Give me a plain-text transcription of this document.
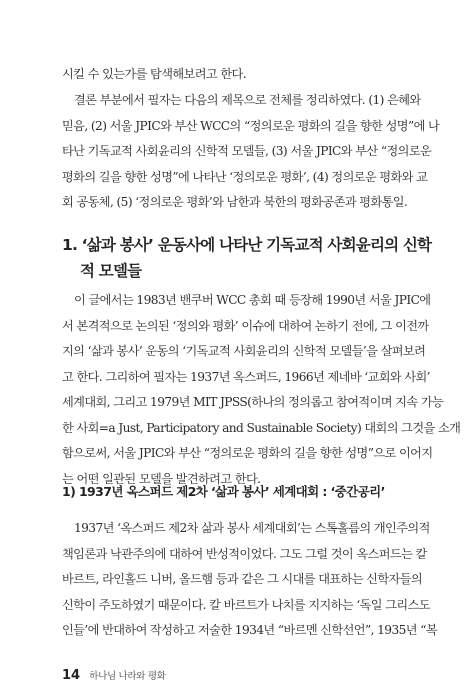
시킬 수 있는가를 탐색해보려고 한다.
결론 부분에서 필자는 다음의 제목으로 전체를 정리하였다. (1) 은혜와
믿음, (2) 서울 JPIC와 부산 WCC의 “정의로운 평화의 길을 향한 성명”에 나
타난 기독교적 사회윤리의 신학적 모델들, (3) 서울 JPIC와 부산 “정의로운
평화의 길을 향한 성명”에 나타난 ‘정의로운 평화’, (4) 정의로운 평화와 교
회 공동체, (5) ‘정의로운 평화’와 남한과 북한의 평화공존과 평화통일.
1. ‘삶과 봉사’ 운동사에 나타난 기독교적 사회윤리의 신학
적 모델들
이 글에서는 1983년 밴쿠버 WCC 총회 때 등장해 1990년 서울 JPIC에
서 본격적으로 논의된 ‘정의와 평화’ 이슈에 대하여 논하기 전에, 그 이전까
지의 ‘삶과 봉사’ 운동의 ‘기독교적 사회윤리의 신학적 모델들’을 살펴보려
고 한다. 그리하여 필자는 1937년 옥스퍼드, 1966년 제네바 ‘교회와 사회’
세계대회, 그리고 1979년 MIT JPSS(하나의 정의롭고 참여적이며 지속 가능
한 사회=a Just, Participatory and Sustainable Society) 대회의 그것을 소개
함으로써, 서울 JPIC와 부산 “정의로운 평화의 길을 향한 성명”으로 이어지
는 어떤 일관된 모델을 발견하려고 한다.
1) 1937년 옥스퍼드 제2차 ‘삶과 봉사’ 세계대회 : ‘중간공리’
1937년 ‘옥스퍼드 제2차 삶과 봉사 세계대회’는 스톡홀름의 개인주의적
책임론과 낙관주의에 대하여 반성적이었다. 그도 그럴 것이 옥스퍼드는 칼
바르트, 라인홀드 니버, 올드햄 등과 같은 그 시대를 대표하는 신학자들의
신학이 주도하였기 때문이다. 칼 바르트가 나치를 지지하는 ‘독일 그리스도
인들’에 반대하여 작성하고 저술한 1934년 “바르멘 신학선언”, 1935년 “복
14 하나님 나라와 평화
